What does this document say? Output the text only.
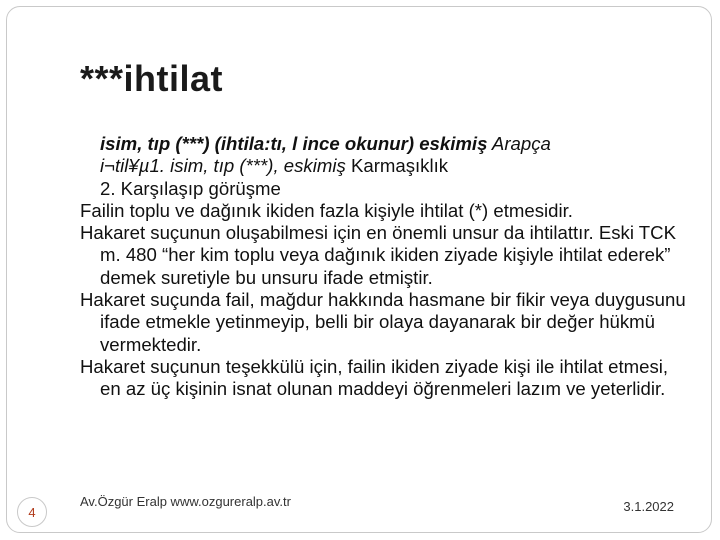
***ihtilat
isim, tıp (***) (ihtila:tı, l ince okunur) eskimiş Arapça
i¬til¥µ1. isim, tıp (***), eskimiş Karmaşıklık
2. Karşılaşıp görüşme

Failin toplu ve dağınık ikiden fazla kişiyle ihtilat (*) etmesidir.

Hakaret suçunun oluşabilmesi için en önemli unsur da ihtilattır. Eski TCK m. 480 “her kim toplu veya dağınık ikiden ziyade kişiyle ihtilat ederek” demek suretiyle bu unsuru ifade etmiştir.

Hakaret suçunda fail, mağdur hakkında hasmane bir fikir veya duygusunu ifade etmekle yetinmeyip, belli bir olaya dayanarak bir değer hükmü vermektedir.

Hakaret suçunun teşekkülü için, failin ikiden ziyade kişi ile ihtilat etmesi, en az üç kişinin isnat olunan maddeyi öğrenmeleri lazım ve yeterlidir.

4
Av.Özgür Eralp www.ozgureralp.av.tr	3.1.2022
